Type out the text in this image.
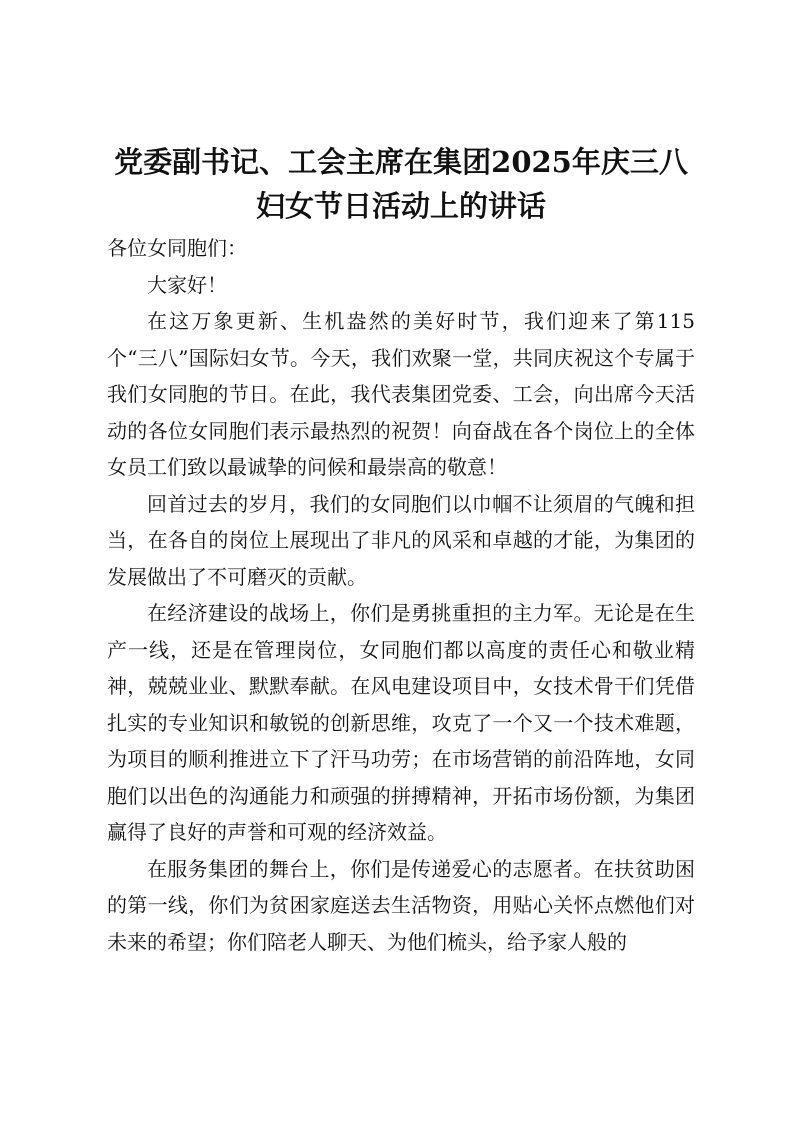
党委副书记、工会主席在集团2025年庆三八妇女节日活动上的讲话

各位女同胞们：

大家好！

在这万象更新、生机盎然的美好时节，我们迎来了第115个“三八”国际妇女节。今天，我们欢聚一堂，共同庆祝这个专属于我们女同胞的节日。在此，我代表集团党委、工会，向出席今天活动的各位女同胞们表示最热烈的祝贺！向奋战在各个岗位上的全体女员工们致以最诚挚的问候和最崇高的敬意！

回首过去的岁月，我们的女同胞们以巾帼不让须眉的气魄和担当，在各自的岗位上展现出了非凡的风采和卓越的才能，为集团的发展做出了不可磨灭的贡献。

在经济建设的战场上，你们是勇挑重担的主力军。无论是在生产一线，还是在管理岗位，女同胞们都以高度的责任心和敬业精神，兢兢业业、默默奉献。在风电建设项目中，女技术骨干们凭借扎实的专业知识和敏锐的创新思维，攻克了一个又一个技术难题，为项目的顺利推进立下了汗马功劳；在市场营销的前沿阵地，女同胞们以出色的沟通能力和顽强的拼搏精神，开拓市场份额，为集团赢得了良好的声誉和可观的经济效益。

在服务集团的舞台上，你们是传递爱心的志愿者。在扶贫助困的第一线，你们为贫困家庭送去生活物资，用贴心关怀点燃他们对未来的希望；你们陪老人聊天、为他们梳头，给予家人般的
